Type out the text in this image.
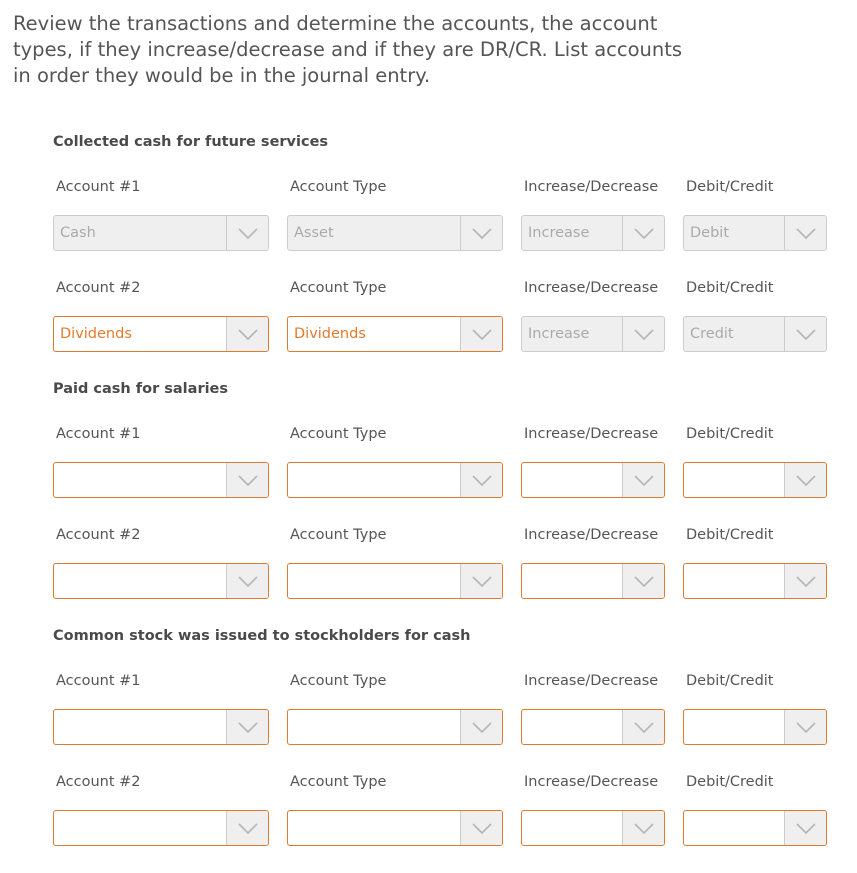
Review the transactions and determine the accounts, the account types, if they increase/decrease and if they are DR/CR. List accounts in order they would be in the journal entry.
Collected cash for future services
Account #1	Account Type	Increase/Decrease Debit/Credit
Cash	Asset	Increase	Debit
Account #2	Account Type	Increase/Decrease Debit/Credit
Dividends	Dividends	Increase	Credit
Paid cash for salaries
Account #1	Account Type	Increase/Decrease Debit/Credit
Account #2	Account Type	Increase/Decrease Debit/Credit
Common stock was issued to stockholders for cash
Account #1	Account Type	Increase/Decrease Debit/Credit
Account #2	Account Type	Increase/Decrease Debit/Credit
